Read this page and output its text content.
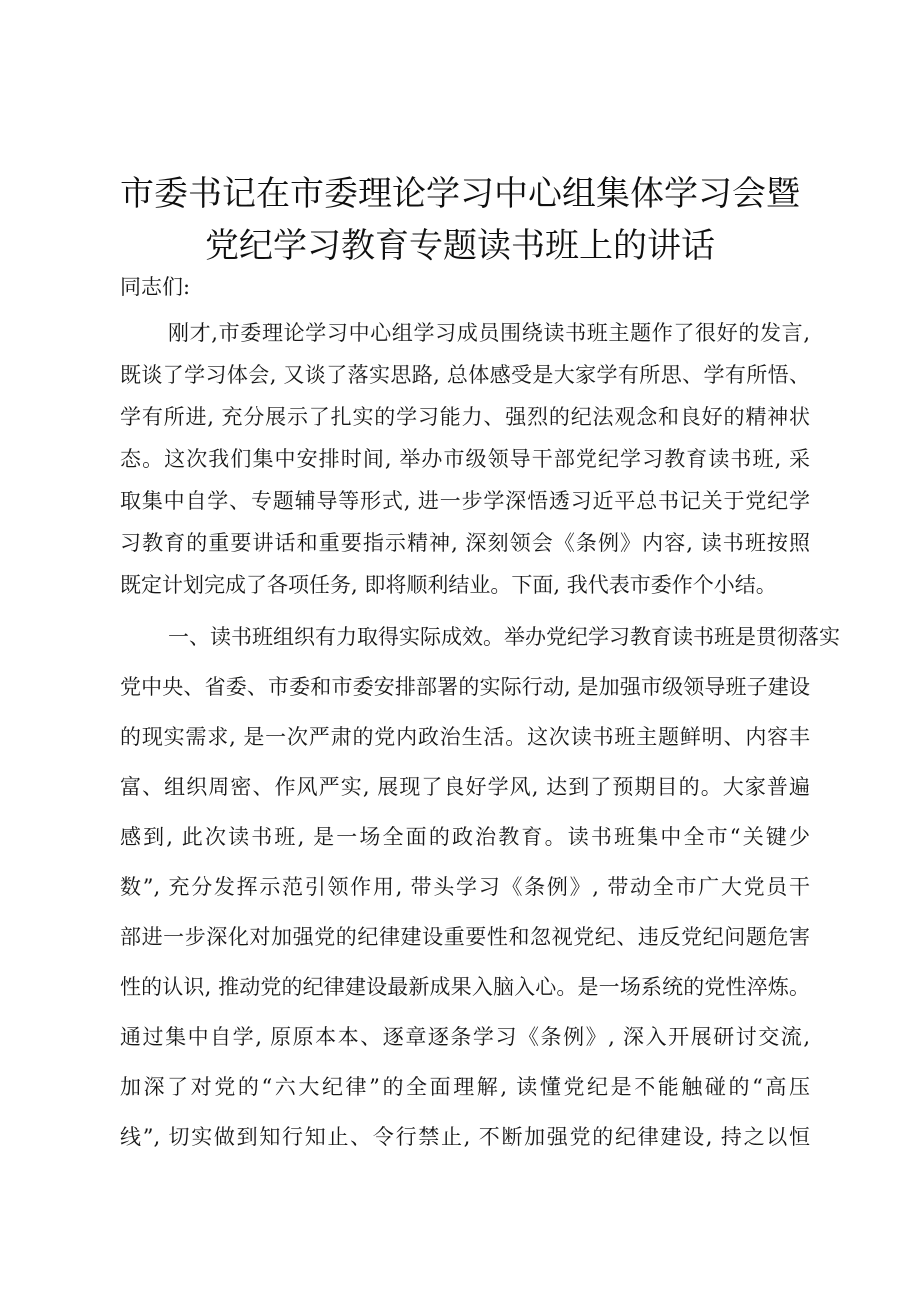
市委书记在市委理论学习中心组集体学习会暨
党纪学习教育专题读书班上的讲话
同志们:
刚才,市委理论学习中心组学习成员围绕读书班主题作了很好的发言,
既谈了学习体会, 又谈了落实思路, 总体感受是大家学有所思、学有所悟、
学有所进, 充分展示了扎实的学习能力、强烈的纪法观念和良好的精神状
态。这次我们集中安排时间, 举办市级领导干部党纪学习教育读书班, 采
取集中自学、专题辅导等形式, 进一步学深悟透习近平总书记关于党纪学
习教育的重要讲话和重要指示精神, 深刻领会《条例》内容, 读书班按照
既定计划完成了各项任务, 即将顺利结业。下面, 我代表市委作个小结。
一、读书班组织有力取得实际成效。举办党纪学习教育读书班是贯彻落实
党中央、省委、市委和市委安排部署的实际行动, 是加强市级领导班子建设
的现实需求, 是一次严肃的党内政治生活。这次读书班主题鲜明、内容丰
富、组织周密、作风严实, 展现了良好学风, 达到了预期目的。大家普遍
感到, 此次读书班, 是一场全面的政治教育。读书班集中全市“关键少
数”, 充分发挥示范引领作用, 带头学习《条例》, 带动全市广大党员干
部进一步深化对加强党的纪律建设重要性和忽视党纪、违反党纪问题危害
性的认识, 推动党的纪律建设最新成果入脑入心。是一场系统的党性淬炼。
通过集中自学, 原原本本、逐章逐条学习《条例》, 深入开展研讨交流,
加深了对党的“六大纪律”的全面理解, 读懂党纪是不能触碰的“高压
线”, 切实做到知行知止、令行禁止, 不断加强党的纪律建设, 持之以恒
